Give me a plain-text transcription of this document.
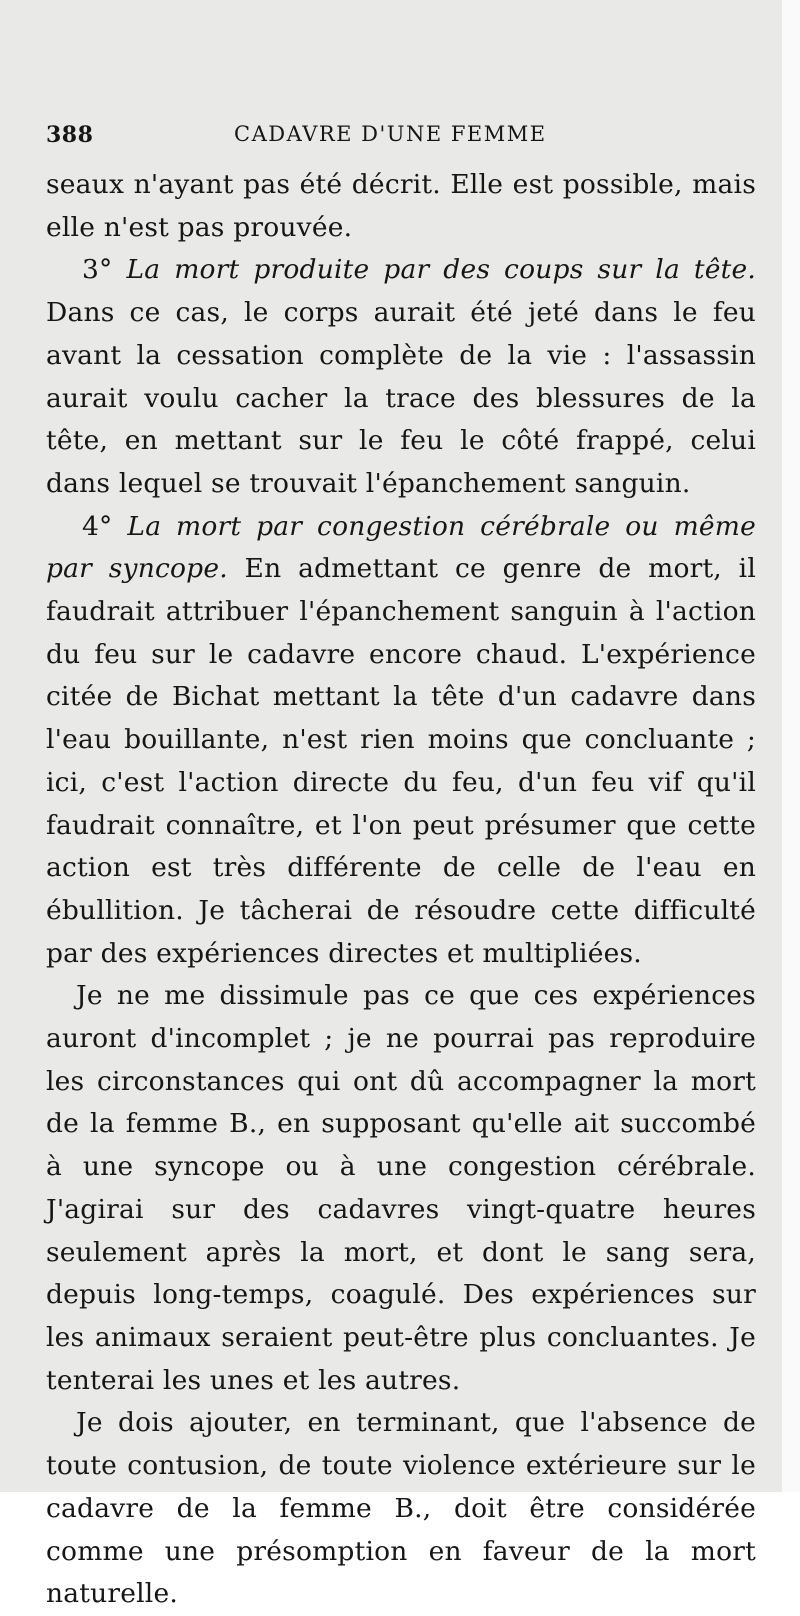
388	CADAVRE D'UNE FEMME

seaux n'ayant pas été décrit. Elle est possible, mais elle n'est pas prouvée.

3° La mort produite par des coups sur la tête. Dans ce cas, le corps aurait été jeté dans le feu avant la cessation complète de la vie : l'assassin aurait voulu cacher la trace des blessures de la tête, en mettant sur le feu le côté frappé, celui dans lequel se trouvait l'épanchement sanguin.

4° La mort par congestion cérébrale ou même par syncope. En admettant ce genre de mort, il faudrait attribuer l'épanchement sanguin à l'action du feu sur le cadavre encore chaud. L'expérience citée de Bichat mettant la tête d'un cadavre dans l'eau bouillante, n'est rien moins que concluante ; ici, c'est l'action directe du feu, d'un feu vif qu'il faudrait connaître, et l'on peut présumer que cette action est très différente de celle de l'eau en ébullition. Je tâcherai de résoudre cette difficulté par des expériences directes et multipliées.

Je ne me dissimule pas ce que ces expériences auront d'incomplet ; je ne pourrai pas reproduire les circonstances qui ont dû accompagner la mort de la femme B., en supposant qu'elle ait succombé à une syncope ou à une congestion cérébrale. J'agirai sur des cadavres vingt-quatre heures seulement après la mort, et dont le sang sera, depuis long-temps, coagulé. Des expériences sur les animaux seraient peut-être plus concluantes. Je tenterai les unes et les autres.

Je dois ajouter, en terminant, que l'absence de toute contusion, de toute violence extérieure sur le cadavre de la femme B., doit être considérée comme une présomption en faveur de la mort naturelle.
